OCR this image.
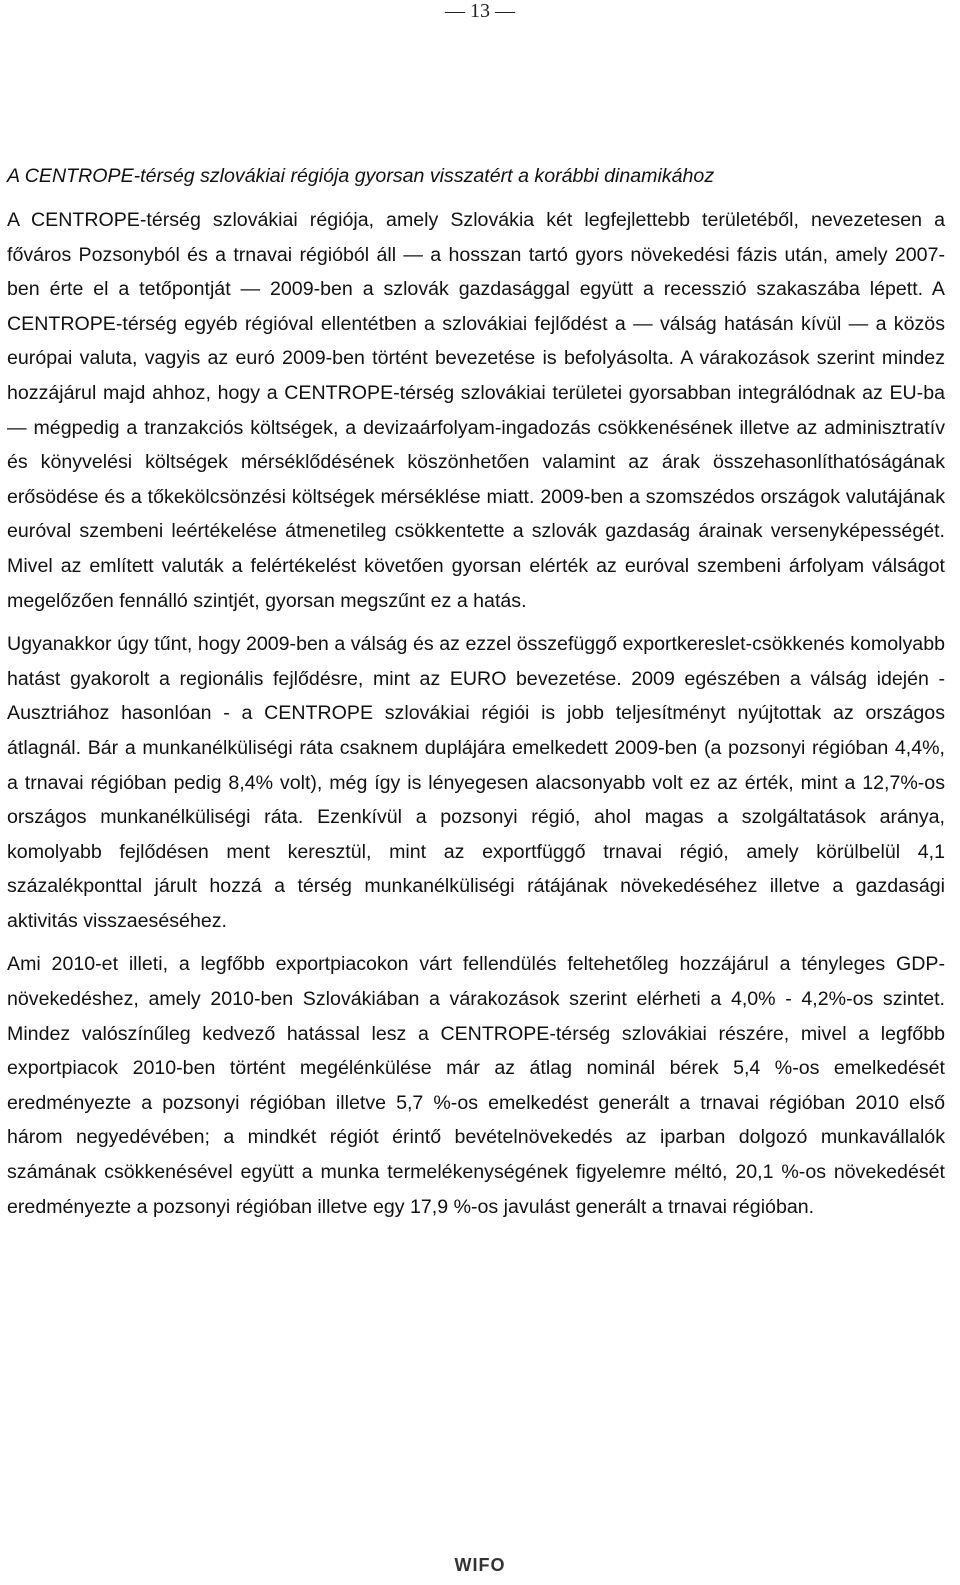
— 13 —
A CENTROPE-térség szlovákiai régiója gyorsan visszatért a korábbi dinamikához

A CENTROPE-térség szlovákiai régiója, amely Szlovákia két legfejlettebb területéből, nevezetesen a főváros Pozsonyból és a trnavai régióból áll — a hosszan tartó gyors növekedési fázis után, amely 2007-ben érte el a tetőpontját — 2009-ben a szlovák gazdasággal együtt a recesszió szakaszába lépett. A CENTROPE-térség egyéb régióval ellentétben a szlovákiai fejlődést a — válság hatásán kívül — a közös európai valuta, vagyis az euró 2009-ben történt bevezetése is befolyásolta. A várakozások szerint mindez hozzájárul majd ahhoz, hogy a CENTROPE-térség szlovákiai területei gyorsabban integrálódnak az EU-ba — mégpedig a tranzakciós költségek, a devizaárfolyam-ingadozás csökkenésének illetve az adminisztratív és könyvelési költségek mérséklődésének köszönhetően valamint az árak összehasonlíthatóságának erősödése és a tőkekölcsönzési költségek mérséklése miatt. 2009-ben a szomszédos országok valutájának euróval szembeni leértékelése átmenetileg csökkentette a szlovák gazdaság árainak versenyképességét. Mivel az említett valuták a felértékelést követően gyorsan elérték az euróval szembeni árfolyam válságot megelőzően fennálló szintjét, gyorsan megszűnt ez a hatás.

Ugyanakkor úgy tűnt, hogy 2009-ben a válság és az ezzel összefüggő exportkereslet-csökkenés komolyabb hatást gyakorolt a regionális fejlődésre, mint az EURO bevezetése. 2009 egészében a válság idején - Ausztriához hasonlóan - a CENTROPE szlovákiai régiói is jobb teljesítményt nyújtottak az országos átlagnál. Bár a munkanélküliségi ráta csaknem duplájára emelkedett 2009-ben (a pozsonyi régióban 4,4%, a trnavai régióban pedig 8,4% volt), még így is lényegesen alacsonyabb volt ez az érték, mint a 12,7%-os országos munkanélküliségi ráta. Ezenkívül a pozsonyi régió, ahol magas a szolgáltatások aránya, komolyabb fejlődésen ment keresztül, mint az exportfüggő trnavai régió, amely körülbelül 4,1 százalékponttal járult hozzá a térség munkanélküliségi rátájának növekedéséhez illetve a gazdasági aktivitás visszaeséséhez.

Ami 2010-et illeti, a legfőbb exportpiacokon várt fellendülés feltehetőleg hozzájárul a tényleges GDP-növekedéshez, amely 2010-ben Szlovákiában a várakozások szerint elérheti a 4,0% - 4,2%-os szintet. Mindez valószínűleg kedvező hatással lesz a CENTROPE-térség szlovákiai részére, mivel a legfőbb exportpiacok 2010-ben történt megélénkülése már az átlag nominál bérek 5,4 %-os emelkedését eredményezte a pozsonyi régióban illetve 5,7 %-os emelkedést generált a trnavai régióban 2010 első három negyedévében; a mindkét régiót érintő bevételnövekedés az iparban dolgozó munkavállalók számának csökkenésével együtt a munka termelékenységének figyelemre méltó, 20,1 %-os növekedését eredményezte a pozsonyi régióban illetve egy 17,9 %-os javulást generált a trnavai régióban.

WIFO
